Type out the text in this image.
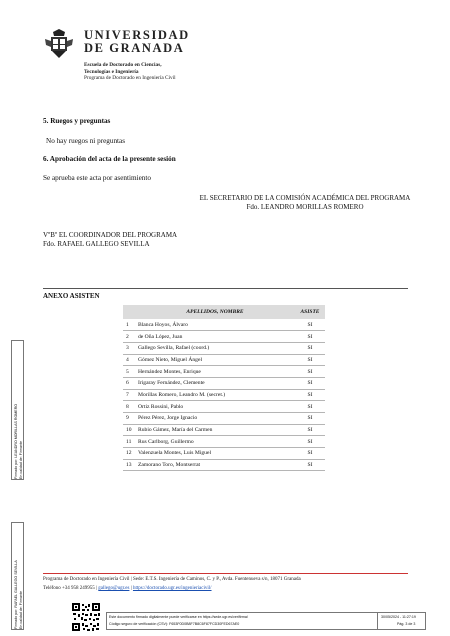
UNIVERSIDAD
DE GRANADA
Escuela de Doctorado en Ciencias,
Tecnologías e Ingeniería
Programa de Doctorado en Ingeniería Civil
5. Ruegos y preguntas
No hay ruegos ni preguntas
6. Aprobación del acta de la presente sesión
Se aprueba este acta por asentimiento
EL SECRETARIO DE LA COMISIÓN ACADÉMICA DEL PROGRAMA
Fdo. LEANDRO MORILLAS ROMERO
VºBº EL COORDINADOR DEL PROGRAMA
Fdo. RAFAEL GALLEGO SEVILLA
ANEXO ASISTEN
	APELLIDOS, NOMBRE	ASISTE
1	Blanca Hoyos, Álvaro	SI
2	de Oña López, Juan	SI
3	Gallego Sevilla, Rafael (coord.)	SI
4	Gómez Nieto, Miguel Ángel	SI
5	Hernández Montes, Enrique	SI
6	Irigaray Fernández, Clemente	SI
7	Morillas Romero, Leandro M. (secret.)	SI
8	Ortiz Rossini, Pablo	SI
9	Pérez Pérez, Jorge Ignacio	SI
10	Rubio Gámez, María del Carmen	SI
11	Rus Carlborg, Guillermo	SI
12	Valenzuela Montes, Luis Miguel	SI
13	Zamorano Toro, Montserrat	SI
Programa de Doctorado en Ingeniería Civil | Sede: E.T.S. Ingeniería de Caminos, C. y P., Avda. Fuentenueva s/n, 18071 Granada
Teléfono +34 958 249955 | gallego@ugr.es | https://doctorado.ugr.es/ingenieriacivil/
Este documento firmado digitalmente puede verificarse en https://sede.ugr.es/verifirma/
Código seguro de verificación (CSV): F653F0D0B8F7B8C6F87FCD30FED67AE0
30/05/2024 - 11:27:19
Pág. 3 de 3
Firmado por: LEANDRO MORILLAS ROMERO En calidad de: Firmante
Firmado por: RAFAEL GALLEGO SEVILLA En calidad de: Firmante
